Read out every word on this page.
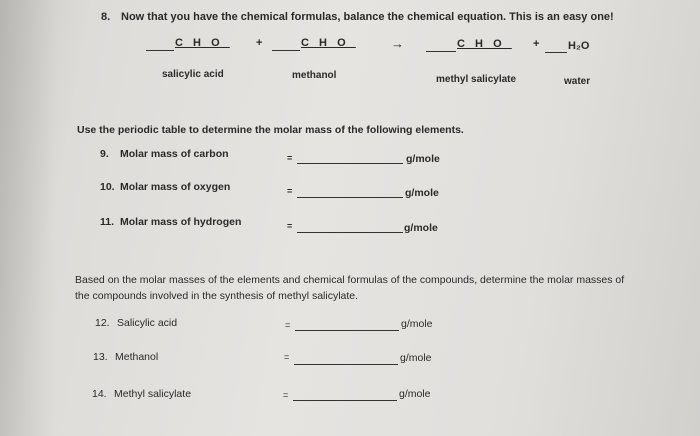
8. Now that you have the chemical formulas, balance the chemical equation. This is an easy one!
C_H_O_ +	C_H_O_	→	C_H_O_ +	H₂O
salicylic acid	methanol	methyl salicylate	water
Use the periodic table to determine the molar mass of the following elements.
9. Molar mass of carbon	=	g/mole
10. Molar mass of oxygen	=	g/mole
11. Molar mass of hydrogen	=	g/mole
Based on the molar masses of the elements and chemical formulas of the compounds, determine the molar masses of
the compounds involved in the synthesis of methyl salicylate.
12. Salicylic acid	=	g/mole
13. Methanol	=	g/mole
14. Methyl salicylate	=	g/mole
